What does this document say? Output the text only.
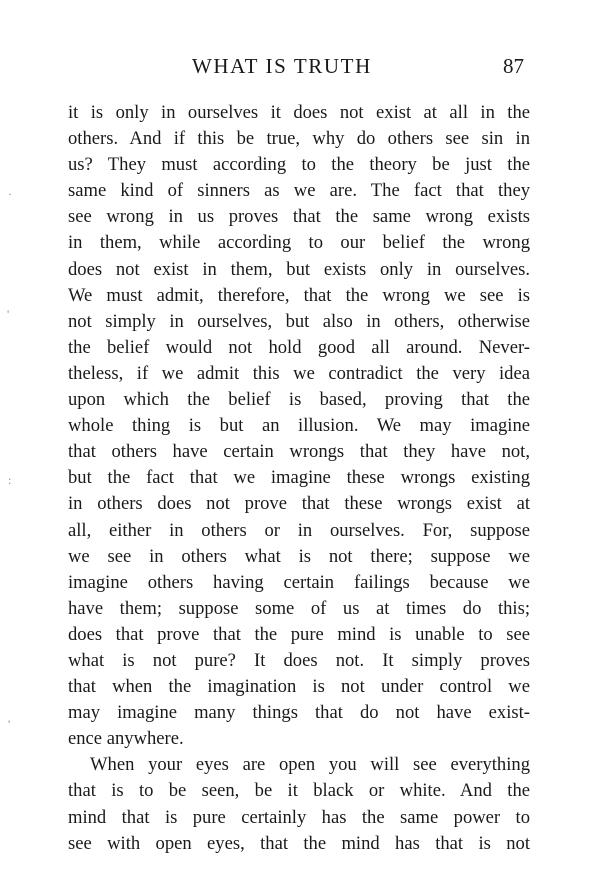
WHAT IS TRUTH	87
it is only in ourselves it does not exist at all in the
others. And if this be true, why do others see sin in
us? They must according to the theory be just the
same kind of sinners as we are. The fact that they
see wrong in us proves that the same wrong exists
in them, while according to our belief the wrong
does not exist in them, but exists only in ourselves.
We must admit, therefore, that the wrong we see is
not simply in ourselves, but also in others, otherwise
the belief would not hold good all around. Never-
theless, if we admit this we contradict the very idea
upon which the belief is based, proving that the
whole thing is but an illusion. We may imagine
that others have certain wrongs that they have not,
but the fact that we imagine these wrongs existing
in others does not prove that these wrongs exist at
all, either in others or in ourselves. For, suppose
we see in others what is not there; suppose we
imagine others having certain failings because we
have them; suppose some of us at times do this;
does that prove that the pure mind is unable to see
what is not pure? It does not. It simply proves
that when the imagination is not under control we
may imagine many things that do not have exist-
ence anywhere.
When your eyes are open you will see everything
that is to be seen, be it black or white. And the
mind that is pure certainly has the same power to
see with open eyes, that the mind has that is not
·
'
:
'
